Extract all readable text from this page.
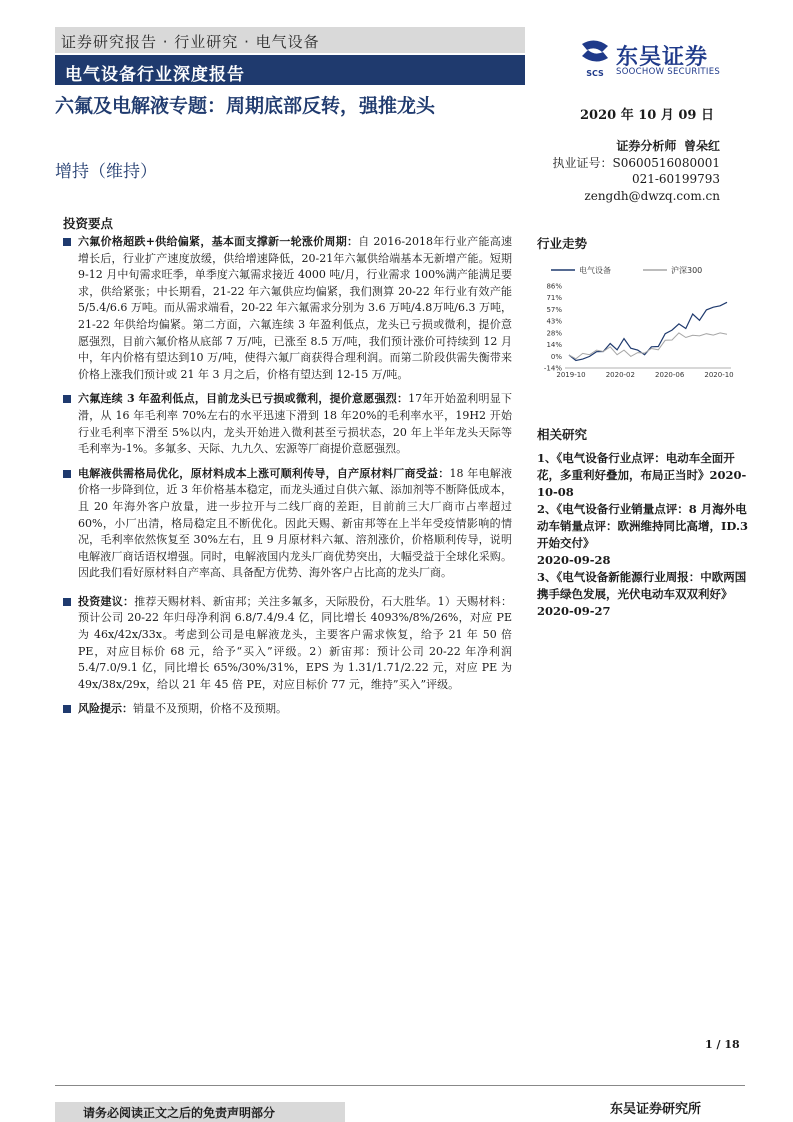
证券研究报告 · 行业研究 · 电气设备
电气设备行业深度报告	SCS
东吴证券
SOOCHOW SECURITIES
六氟及电解液专题：周期底部反转，强推龙头
增持（维持）
2020 年 10 月 09 日
证券分析师 曾朵红
执业证号：S0600516080001
021-60199793
zengdh@dwzq.com.cn
投资要点
六氟价格超跌+供给偏紧，基本面支撑新一轮涨价周期：自 2016-2018年行业产能高速增长后，行业扩产速度放缓，供给增速降低，20-21年六氟供给端基本无新增产能。短期 9-12 月中旬需求旺季，单季度六氟需求接近 4000 吨/月，行业需求 100%满产能满足要求，供给紧张；中长期看，21-22 年六氟供应均偏紧，我们测算 20-22 年行业有效产能5/5.4/6.6 万吨。而从需求端看，20-22 年六氟需求分别为 3.6 万吨/4.8万吨/6.3 万吨，21-22 年供给均偏紧。第二方面，六氟连续 3 年盈利低点，龙头已亏损或微利，提价意愿强烈，目前六氟价格从底部 7 万/吨，已涨至 8.5 万/吨，我们预计涨价可持续到 12 月中，年内价格有望达到10 万/吨，使得六氟厂商获得合理利润。而第二阶段供需失衡带来价格上涨我们预计或 21 年 3 月之后，价格有望达到 12-15 万/吨。
六氟连续 3 年盈利低点，目前龙头已亏损或微利，提价意愿强烈：17年开始盈利明显下滑，从 16 年毛利率 70%左右的水平迅速下滑到 18 年20%的毛利率水平，19H2 开始行业毛利率下滑至 5%以内，龙头开始进入微利甚至亏损状态，20 年上半年龙头天际等毛利率为-1%。多氟多、天际、九九久、宏源等厂商提价意愿强烈。
电解液供需格局优化，原材料成本上涨可顺利传导，自产原材料厂商受益：18 年电解液价格一步降到位，近 3 年价格基本稳定，而龙头通过自供六氟、添加剂等不断降低成本，且 20 年海外客户放量，进一步拉开与二线厂商的差距，目前前三大厂商市占率超过 60%，小厂出清，格局稳定且不断优化。因此天赐、新宙邦等在上半年受疫情影响的情况，毛利率依然恢复至 30%左右，且 9 月原材料六氟、溶剂涨价，价格顺利传导，说明电解液厂商话语权增强。同时，电解液国内龙头厂商优势突出，大幅受益于全球化采购。因此我们看好原材料自产率高、具备配方优势、海外客户占比高的龙头厂商。
投资建议：推荐天赐材料、新宙邦；关注多氟多，天际股份，石大胜华。1）天赐材料：预计公司 20-22 年归母净利润 6.8/7.4/9.4 亿，同比增长 4093%/8%/26%，对应 PE 为 46x/42x/33x。考虑到公司是电解液龙头，主要客户需求恢复，给予 21 年 50 倍 PE，对应目标价 68 元，给予“买入”评级。2）新宙邦：预计公司 20-22 年净利润 5.4/7.0/9.1 亿，同比增长 65%/30%/31%，EPS 为 1.31/1.71/2.22 元，对应 PE 为49x/38x/29x，给以 21 年 45 倍 PE，对应目标价 77 元，维持”买入”评级。
风险提示：销量不及预期，价格不及预期。
行业走势
电气设备	沪深300
86%
71%
57%
43%
28%
14%
0%
-14%
2019-10	2020-02	2020-06	2020-10
相关研究
1、《电气设备行业点评：电动车全面开花，多重利好叠加，布局正当时》2020-10-08
2、《电气设备行业销量点评：8 月海外电动车销量点评：欧洲维持同比高增，ID.3 开始交付》
2020-09-28
3、《电气设备新能源行业周报：中欧两国携手绿色发展，光伏电动车双双利好》2020-09-27
1 / 18
请务必阅读正文之后的免责声明部分	东吴证券研究所
